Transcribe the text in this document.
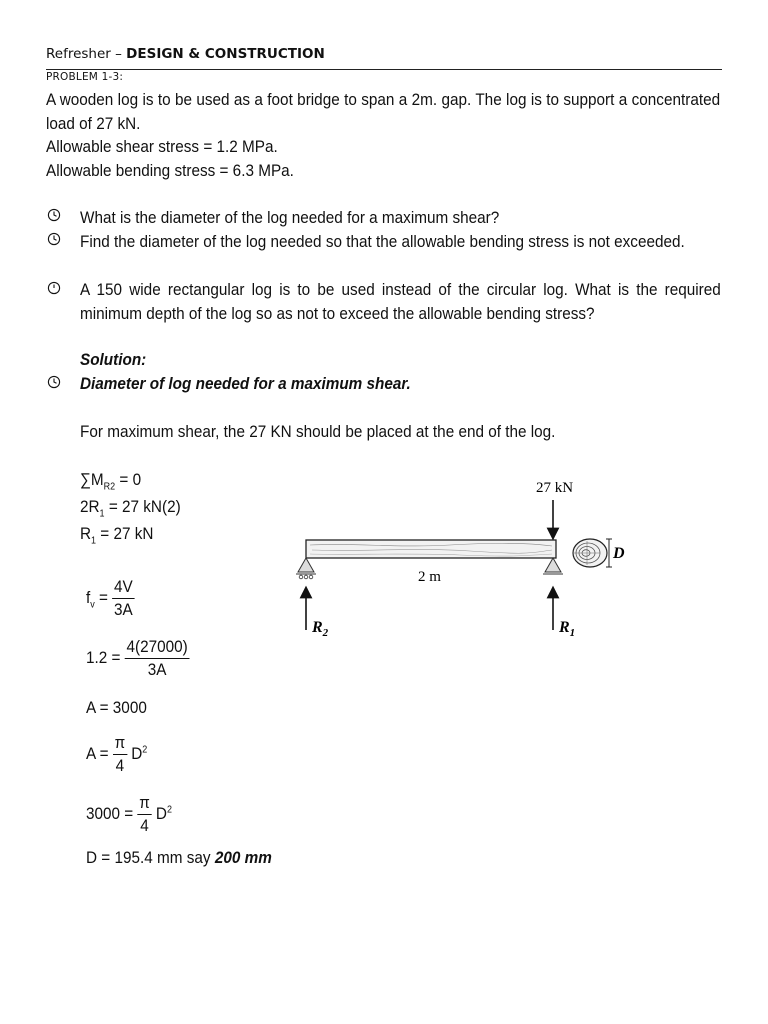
Refresher – DESIGN & CONSTRUCTION
PROBLEM 1-3:
A wooden log is to be used as a foot bridge to span a 2m. gap. The log is to support a concentrated load of 27 kN.
Allowable shear stress = 1.2 MPa.
Allowable bending stress = 6.3 MPa.
What is the diameter of the log needed for a maximum shear?
Find the diameter of the log needed so that the allowable bending stress is not exceeded.
A 150 wide rectangular log is to be used instead of the circular log. What is the required minimum depth of the log so as not to exceed the allowable bending stress?
Solution:
Diameter of log needed for a maximum shear.
For maximum shear, the 27 KN should be placed at the end of the log.
$\sum M_{R2} = 0$
$2R_1 = 27$ kN(2)
$R_1 = 27$ kN
$f_v = \frac{4V}{3A}$
$1.2 = \frac{4(27000)}{3A}$
A = 3000
$A = \frac{\pi}{4} D^2$
$3000 = \frac{\pi}{4} D^2$
D = 195.4 mm say 200 mm
27 kN
2 m
$R_2$	$R_1$
D
